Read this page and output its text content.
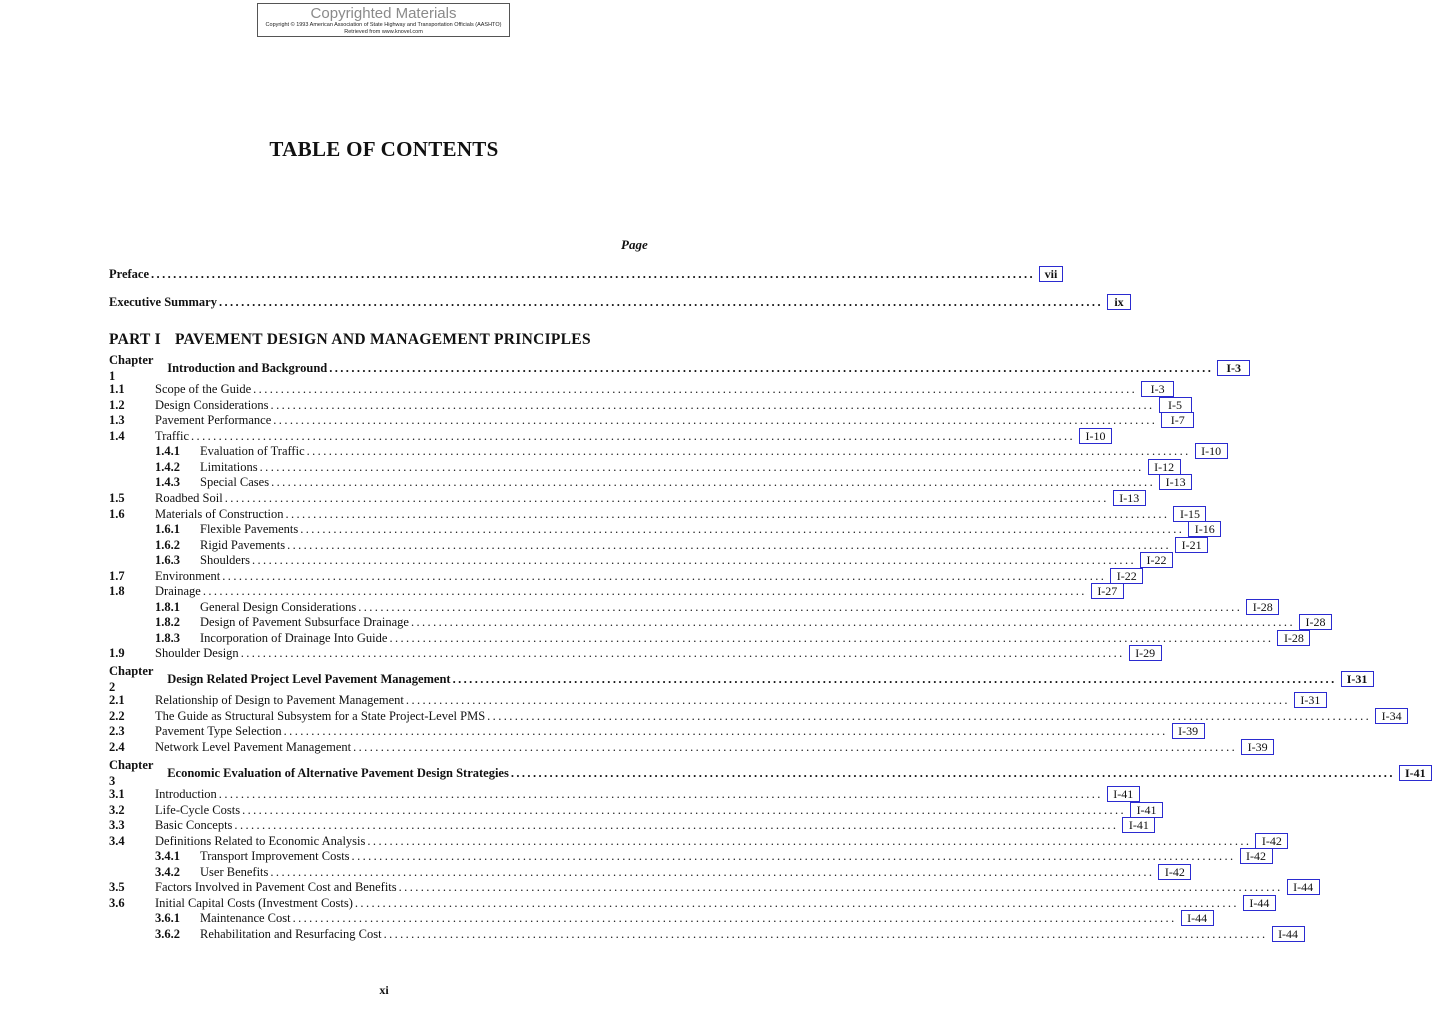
Copyrighted Materials
Copyright © 1993 American Association of State Highway and Transportation Officials (AASHTO)
Retrieved from www.knovel.com
TABLE OF CONTENTS
Page
Preface ................................................................................................................................................................ vii
Executive Summary ................................................................................................................................................................ ix
PART I PAVEMENT DESIGN AND MANAGEMENT PRINCIPLES
Chapter 1
Introduction and Background ................................................................................................................................................................	I-3
1.1	Scope of the Guide ................................................................................................................................................................	I-3
1.2	Design Considerations ................................................................................................................................................................	I-5
1.3	Pavement Performance ................................................................................................................................................................	I-7
1.4	Traffic ................................................................................................................................................................ I-10
1.4.1	Evaluation of Traffic ................................................................................................................................................................ I-10
1.4.2	Limitations ................................................................................................................................................................ I-12
1.4.3	Special Cases ................................................................................................................................................................ I-13
1.5	Roadbed Soil ................................................................................................................................................................ I-13
1.6	Materials of Construction ................................................................................................................................................................ I-15
1.6.1	Flexible Pavements ................................................................................................................................................................ I-16
1.6.2	Rigid Pavements ................................................................................................................................................................ I-21
1.6.3	Shoulders ................................................................................................................................................................ I-22
1.7	Environment ................................................................................................................................................................ I-22
1.8	Drainage ................................................................................................................................................................ I-27
1.8.1	General Design Considerations ................................................................................................................................................................ I-28
1.8.2	Design of Pavement Subsurface Drainage ................................................................................................................................................................ I-28
1.8.3	Incorporation of Drainage Into Guide ................................................................................................................................................................ I-28
1.9	Shoulder Design ................................................................................................................................................................ I-29
Chapter 2
Design Related Project Level Pavement Management ................................................................................................................................................................ I-31
2.1	Relationship of Design to Pavement Management ................................................................................................................................................................ I-31
2.2	The Guide as Structural Subsystem for a State Project-Level PMS ................................................................................................................................................................ I-34
2.3	Pavement Type Selection ................................................................................................................................................................ I-39
2.4	Network Level Pavement Management ................................................................................................................................................................ I-39
Chapter 3
Economic Evaluation of Alternative Pavement Design Strategies ................................................................................................................................................................ I-41
3.1	Introduction ................................................................................................................................................................ I-41
3.2	Life-Cycle Costs ................................................................................................................................................................ I-41
3.3	Basic Concepts ................................................................................................................................................................ I-41
3.4	Definitions Related to Economic Analysis ................................................................................................................................................................ I-42
3.4.1	Transport Improvement Costs ................................................................................................................................................................ I-42
3.4.2	User Benefits ................................................................................................................................................................ I-42
3.5	Factors Involved in Pavement Cost and Benefits ................................................................................................................................................................ I-44
3.6	Initial Capital Costs (Investment Costs) ................................................................................................................................................................ I-44
3.6.1	Maintenance Cost ................................................................................................................................................................ I-44
3.6.2	Rehabilitation and Resurfacing Cost ................................................................................................................................................................ I-44
xi
